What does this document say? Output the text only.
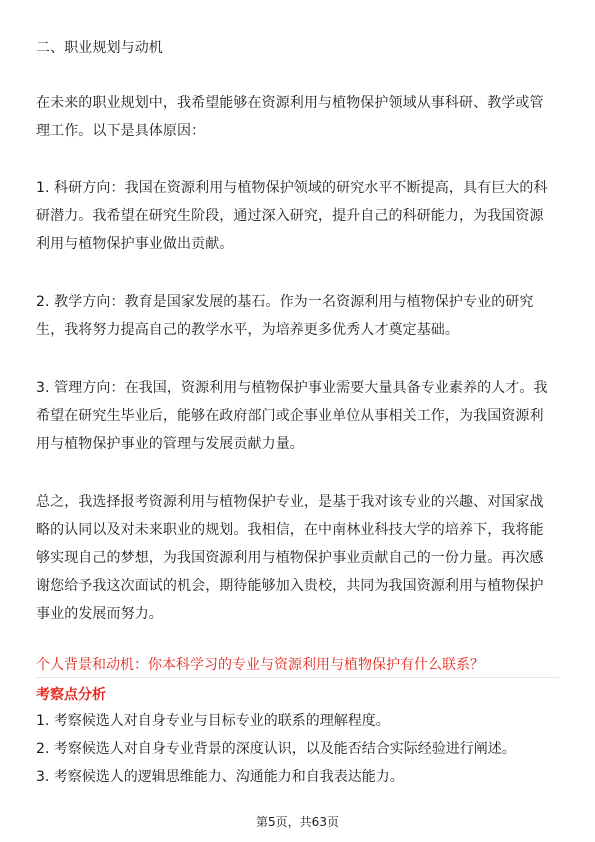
二、职业规划与动机
在未来的职业规划中，我希望能够在资源利用与植物保护领域从事科研、教学或管
理工作。以下是具体原因：
1. 科研方向：我国在资源利用与植物保护领域的研究水平不断提高，具有巨大的科
研潜力。我希望在研究生阶段，通过深入研究，提升自己的科研能力，为我国资源
利用与植物保护事业做出贡献。
2. 教学方向：教育是国家发展的基石。作为一名资源利用与植物保护专业的研究
生，我将努力提高自己的教学水平，为培养更多优秀人才奠定基础。
3. 管理方向：在我国，资源利用与植物保护事业需要大量具备专业素养的人才。我
希望在研究生毕业后，能够在政府部门或企事业单位从事相关工作，为我国资源利
用与植物保护事业的管理与发展贡献力量。
总之，我选择报考资源利用与植物保护专业，是基于我对该专业的兴趣、对国家战
略的认同以及对未来职业的规划。我相信，在中南林业科技大学的培养下，我将能
够实现自己的梦想，为我国资源利用与植物保护事业贡献自己的一份力量。再次感
谢您给予我这次面试的机会，期待能够加入贵校，共同为我国资源利用与植物保护
事业的发展而努力。
个人背景和动机：你本科学习的专业与资源利用与植物保护有什么联系？
考察点分析
1. 考察候选人对自身专业与目标专业的联系的理解程度。
2. 考察候选人对自身专业背景的深度认识，以及能否结合实际经验进行阐述。
3. 考察候选人的逻辑思维能力、沟通能力和自我表达能力。
第5页，共63页
